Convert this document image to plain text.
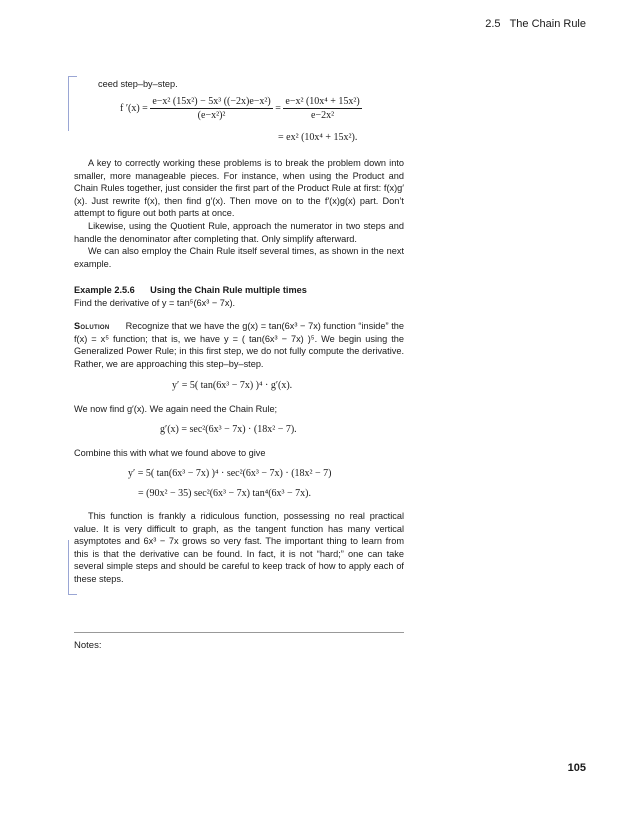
2.5 The Chain Rule

ceed step–by–step.

f $'(x) = \frac{\text{e−x² (15x²) − 5x³ ((−2x)e−x²)}}{\text{(e−x²)²}} = \frac{\text{e−x² (10x⁴ + 15x²)}}{\text{e−2x²}}$
= ex² (10x⁴ + 15x²).

A key to correctly working these problems is to break the problem down into smaller, more manageable pieces. For instance, when using the Product and Chain Rules together, just consider the first part of the Product Rule at first: f(x)g′(x). Just rewrite f(x), then find g′(x). Then move on to the f′(x)g(x) part. Don’t attempt to figure out both parts at once.

Likewise, using the Quotient Rule, approach the numerator in two steps and handle the denominator after completing that. Only simplify afterward.

We can also employ the Chain Rule itself several times, as shown in the next example.

Example 2.5.6 Using the Chain Rule multiple times

Find the derivative of y = tan⁵(6x³ − 7x).

Solution Recognize that we have the g(x) = tan(6x³ − 7x) function “inside” the f(x) = x⁵ function; that is, we have y = ( tan(6x³ − 7x) )⁵. We begin using the Generalized Power Rule; in this first step, we do not fully compute the derivative. Rather, we are approaching this step–by–step.

y′ = 5( tan(6x³ − 7x) )⁴ · g′(x).

We now find g′(x). We again need the Chain Rule;

g′(x) = sec²(6x³ − 7x) · (18x² − 7).

Combine this with what we found above to give

y′ = 5( tan(6x³ − 7x) )⁴ · sec²(6x³ − 7x) · (18x² − 7)
= (90x² − 35) sec²(6x³ − 7x) tan⁴(6x³ − 7x).

This function is frankly a ridiculous function, possessing no real practical value. It is very difficult to graph, as the tangent function has many vertical asymptotes and 6x³ − 7x grows so very fast. The important thing to learn from this is that the derivative can be found. In fact, it is not “hard;” one can take several simple steps and should be careful to keep track of how to apply each of these steps.

Notes:
105
